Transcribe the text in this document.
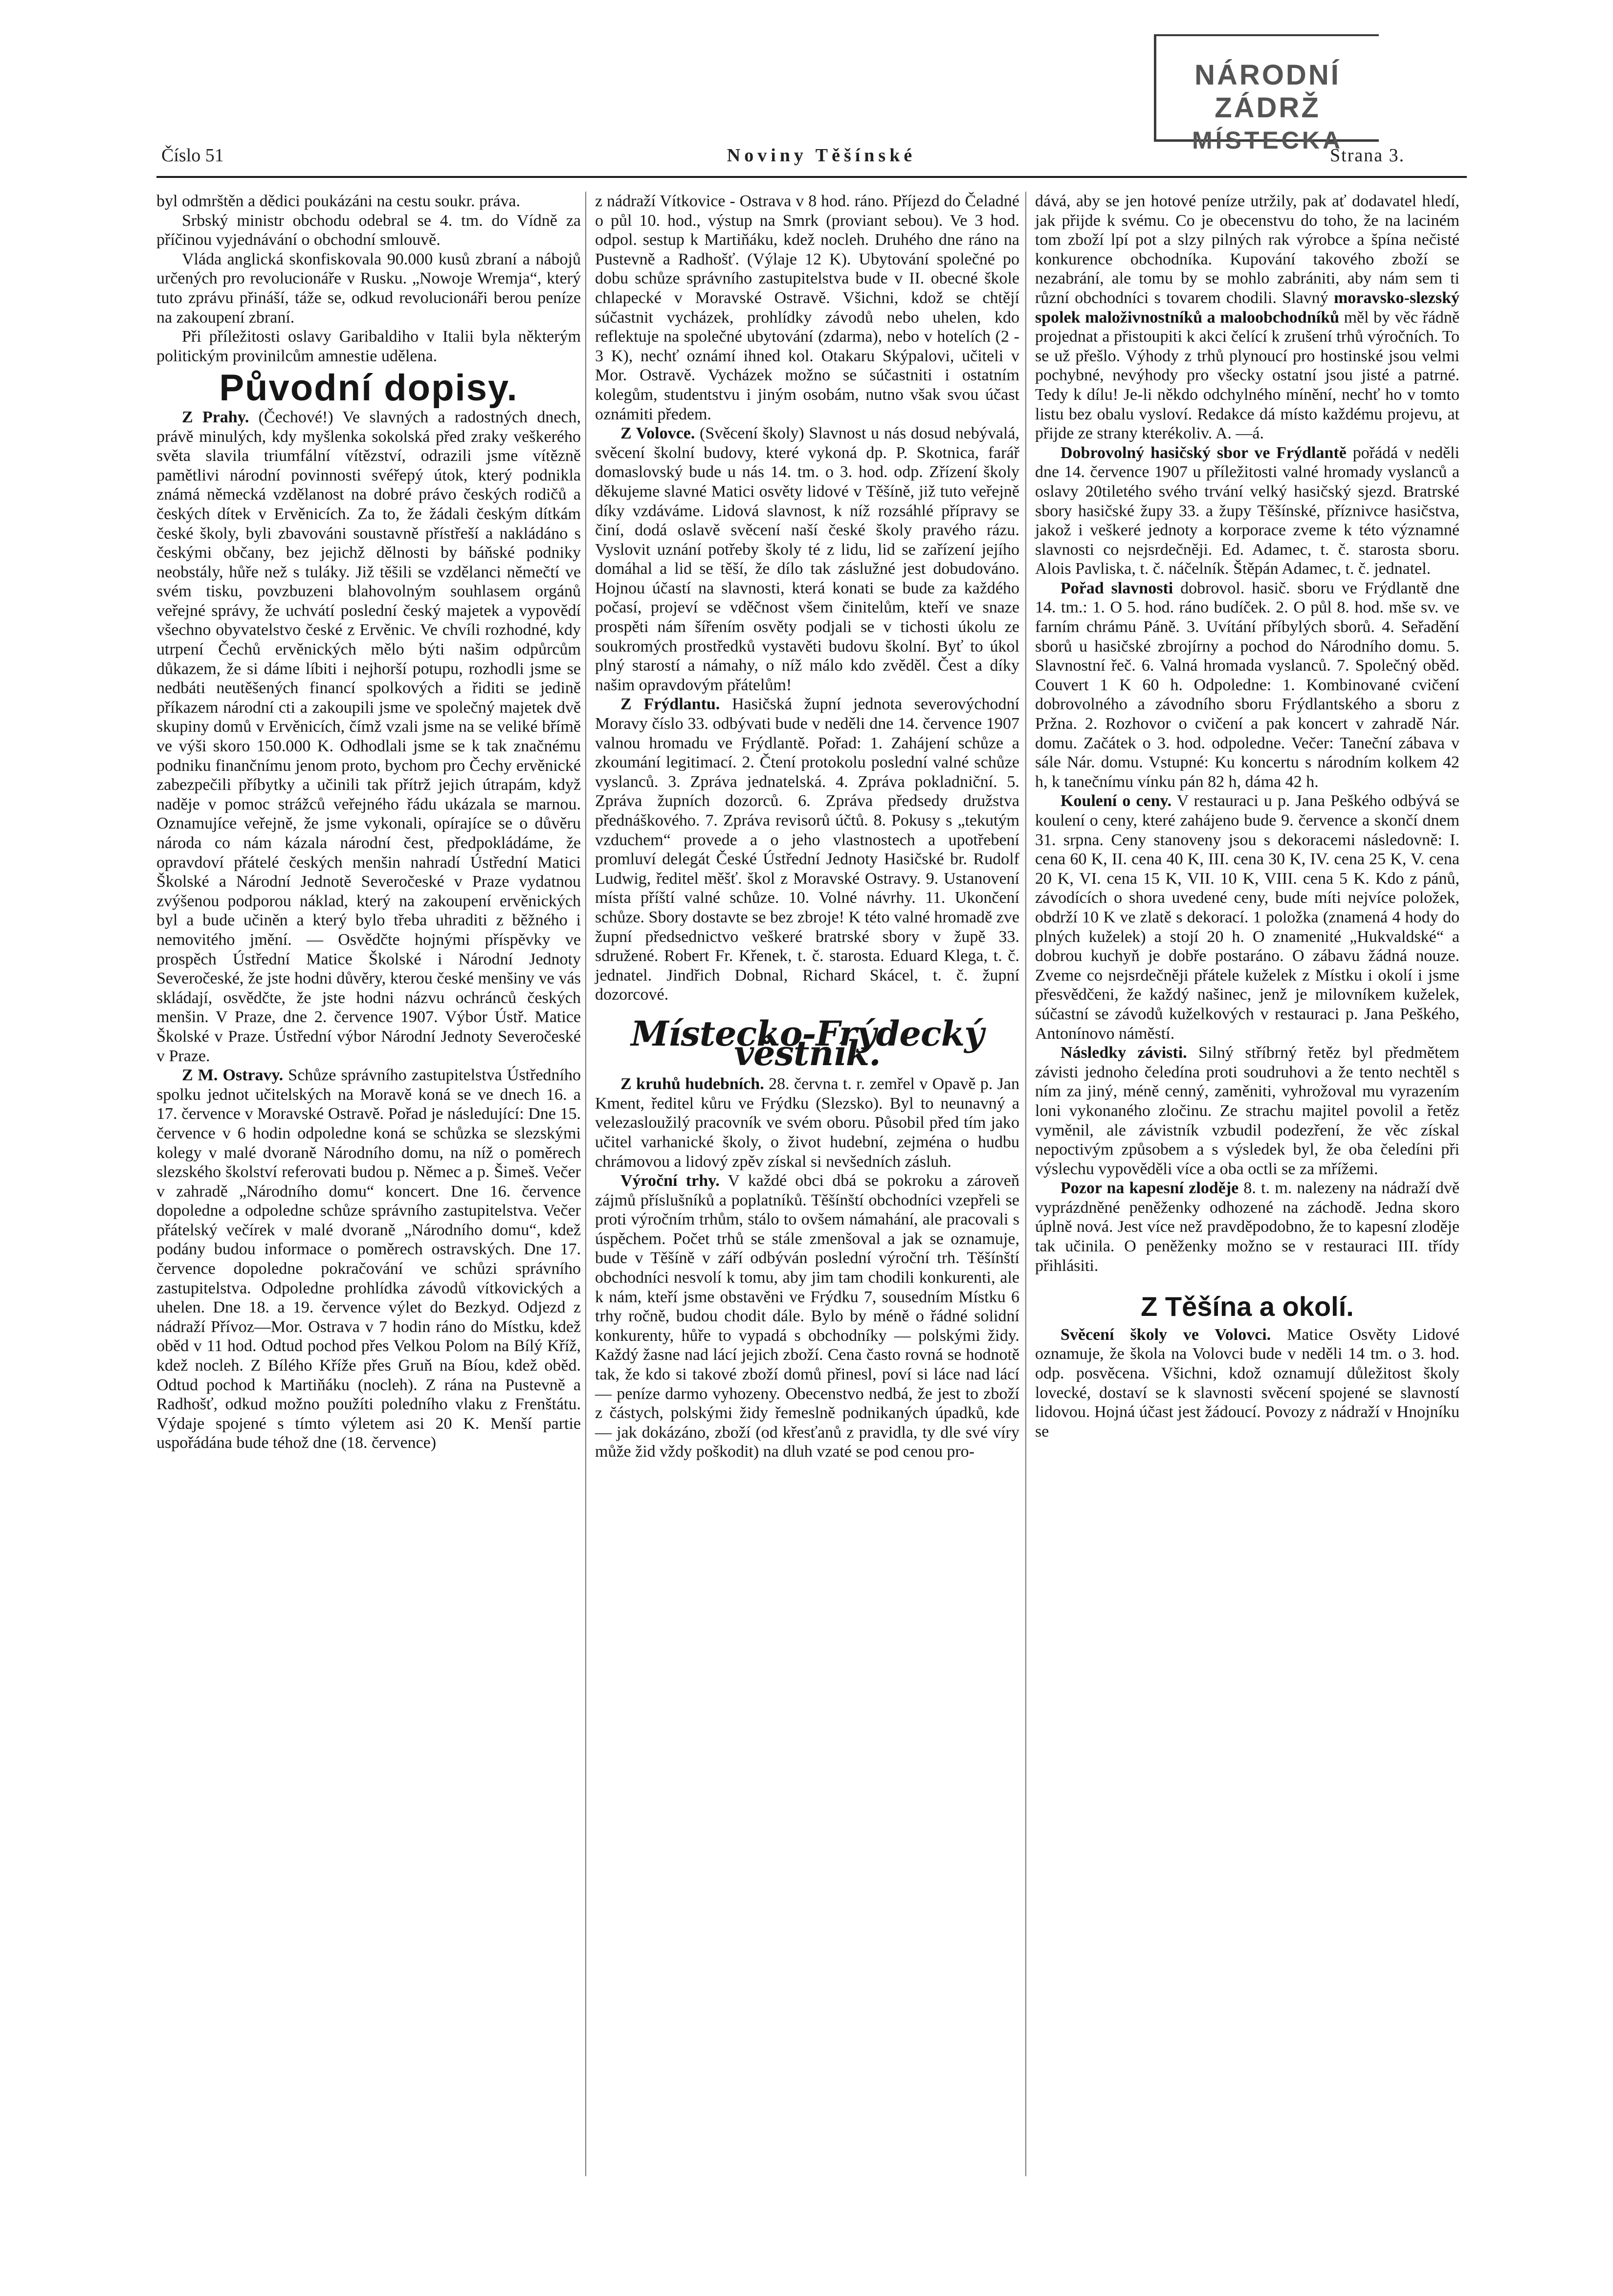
NÁRODNÍ ZÁDRŽ
MÍSTECKA
Číslo 51	Noviny Těšínské	Strana 3.

byl odmrštěn a dědici poukázáni na cestu soukr. práva.

Srbský ministr obchodu odebral se 4. tm. do Vídně za příčinou vyjednávání o obchodní smlouvě.

Vláda anglická skonfiskovala 90.000 kusů zbraní a nábojů určených pro revolucionáře v Rusku. „Nowoje Wremja“, který tuto zprávu přináší, táže se, odkud revolucionáři berou peníze na zakoupení zbraní.

Při příležitosti oslavy Garibaldiho v Italii byla některým politickým provinilcům amnestie udělena.

Původní dopisy.

Z Prahy. (Čechové!) Ve slavných a radostných dnech, právě minulých, kdy myšlenka sokolská před zraky veškerého světa slavila triumfální vítězství, odrazili jsme vítězně pamětlivi národní povinnosti svéřepý útok, který podnikla známá německá vzdělanost na dobré právo českých rodičů a českých dítek v Ervěnicích. Za to, že žádali českým dítkám české školy, byli zbavováni soustavně přístřeší a nakládáno s českými občany, bez jejichž dělnosti by báňské podniky neobstály, hůře než s tuláky. Již těšili se vzdělanci němečtí ve svém tisku, povzbuzeni blahovolným souhlasem orgánů veřejné správy, že uchvátí poslední český majetek a vypovědí všechno obyvatelstvo české z Ervěnic. Ve chvíli rozhodné, kdy utrpení Čechů ervěnických mělo býti našim odpůrcům důkazem, že si dáme líbiti i nejhorší potupu, rozhodli jsme se nedbáti neutěšených financí spolkových a řiditi se jedině příkazem národní cti a zakoupili jsme ve společný majetek dvě skupiny domů v Ervěnicích, čímž vzali jsme na se veliké břímě ve výši skoro 150.000 K. Odhodlali jsme se k tak značnému podniku finančnímu jenom proto, bychom pro Čechy ervěnické zabezpečili příbytky a učinili tak přítrž jejich útrapám, když naděje v pomoc strážců veřejného řádu ukázala se marnou. Oznamujíce veřejně, že jsme vykonali, opírajíce se o důvěru národa co nám kázala národní čest, předpokládáme, že opravdoví přátelé českých menšin nahradí Ústřední Matici Školské a Národní Jednotě Severočeské v Praze vydatnou zvýšenou podporou náklad, který na zakoupení ervěnických byl a bude učiněn a který bylo třeba uhraditi z běžného i nemovitého jmění. — Osvědčte hojnými příspěvky ve prospěch Ústřední Matice Školské i Národní Jednoty Severočeské, že jste hodni důvěry, kterou české menšiny ve vás skládají, osvědčte, že jste hodni názvu ochránců českých menšin. V Praze, dne 2. července 1907. Výbor Ústř. Matice Školské v Praze. Ústřední výbor Národní Jednoty Severočeské v Praze.

Z M. Ostravy. Schůze správního zastupitelstva Ústředního spolku jednot učitelských na Moravě koná se ve dnech 16. a 17. července v Moravské Ostravě. Pořad je následující: Dne 15. července v 6 hodin odpoledne koná se schůzka se slezskými kolegy v malé dvoraně Národního domu, na níž o poměrech slezského školství referovati budou p. Němec a p. Šimeš. Večer v zahradě „Národního domu“ koncert. Dne 16. července dopoledne a odpoledne schůze správního zastupitelstva. Večer přátelský večírek v malé dvoraně „Národního domu“, kdež podány budou informace o poměrech ostravských. Dne 17. července dopoledne pokračování ve schůzi správního zastupitelstva. Odpoledne prohlídka závodů vítkovických a uhelen. Dne 18. a 19. července výlet do Bezkyd. Odjezd z nádraží Přívoz—Mor. Ostrava v 7 hodin ráno do Místku, kdež oběd v 11 hod. Odtud pochod přes Velkou Polom na Bílý Kříž, kdež nocleh. Z Bílého Kříže přes Gruň na Bíou, kdež oběd. Odtud pochod k Martiňáku (nocleh). Z rána na Pustevně a Radhošť, odkud možno použíti poledního vlaku z Frenštátu. Výdaje spojené s tímto výletem asi 20 K. Menší partie uspořádána bude téhož dne (18. července)

z nádraží Vítkovice - Ostrava v 8 hod. ráno. Příjezd do Čeladné o půl 10. hod., výstup na Smrk (proviant sebou). Ve 3 hod. odpol. sestup k Martiňáku, kdež nocleh. Druhého dne ráno na Pustevně a Radhošť. (Výlaje 12 K). Ubytování společné po dobu schůze správního zastupitelstva bude v II. obecné škole chlapecké v Moravské Ostravě. Všichni, kdož se chtějí súčastnit vycházek, prohlídky závodů nebo uhelen, kdo reflektuje na společné ubytování (zdarma), nebo v hotelích (2 - 3 K), nechť oznámí ihned kol. Otakaru Skýpalovi, učiteli v Mor. Ostravě. Vycházek možno se súčastniti i ostatním kolegům, studentstvu i jiným osobám, nutno však svou účast oznámiti předem.

Z Volovce. (Svěcení školy) Slavnost u nás dosud nebývalá, svěcení školní budovy, které vykoná dp. P. Skotnica, farář domaslovský bude u nás 14. tm. o 3. hod. odp. Zřízení školy děkujeme slavné Matici osvěty lidové v Těšíně, již tuto veřejně díky vzdáváme. Lidová slavnost, k níž rozsáhlé přípravy se činí, dodá oslavě svěcení naší české školy pravého rázu. Vyslovit uznání potřeby školy té z lidu, lid se zařízení jejího domáhal a lid se těší, že dílo tak záslužné jest dobudováno. Hojnou účastí na slavnosti, která konati se bude za každého počasí, projeví se vděčnost všem činitelům, kteří ve snaze prospěti nám šířením osvěty podjali se v tichosti úkolu ze soukromých prostředků vystavěti budovu školní. Byť to úkol plný starostí a námahy, o níž málo kdo zvěděl. Čest a díky našim opravdovým přátelům!

Z Frýdlantu. Hasičská župní jednota severovýchodní Moravy číslo 33. odbývati bude v neděli dne 14. července 1907 valnou hromadu ve Frýdlantě. Pořad: 1. Zahájení schůze a zkoumání legitimací. 2. Čtení protokolu poslední valné schůze vyslanců. 3. Zpráva jednatelská. 4. Zpráva pokladniční. 5. Zpráva župních dozorců. 6. Zpráva předsedy družstva přednáškového. 7. Zpráva revisorů účtů. 8. Pokusy s „tekutým vzduchem“ provede a o jeho vlastnostech a upotřebení promluví delegát České Ústřední Jednoty Hasičské br. Rudolf Ludwig, ředitel měšť. škol z Moravské Ostravy. 9. Ustanovení místa příští valné schůze. 10. Volné návrhy. 11. Ukončení schůze. Sbory dostavte se bez zbroje! K této valné hromadě zve župní předsednictvo veškeré bratrské sbory v župě 33. sdružené. Robert Fr. Křenek, t. č. starosta. Eduard Klega, t. č. jednatel. Jindřich Dobnal, Richard Skácel, t. č. župní dozorcové.

Místecko-Frýdecký věstník.

Z kruhů hudebních. 28. června t. r. zemřel v Opavě p. Jan Kment, ředitel kůru ve Frýdku (Slezsko). Byl to neunavný a velezasloužilý pracovník ve svém oboru. Působil před tím jako učitel varhanické školy, o život hudební, zejména o hudbu chrámovou a lidový zpěv získal si nevšedních zásluh.

Výroční trhy. V každé obci dbá se pokroku a zároveň zájmů příslušníků a poplatníků. Těšínští obchodníci vzepřeli se proti výročním trhům, stálo to ovšem námahání, ale pracovali s úspěchem. Počet trhů se stále zmenšoval a jak se oznamuje, bude v Těšíně v září odbýván poslední výroční trh. Těšínští obchodníci nesvolí k tomu, aby jim tam chodili konkurenti, ale k nám, kteří jsme obstavěni ve Frýdku 7, sousedním Místku 6 trhy ročně, budou chodit dále. Bylo by méně o řádné solidní konkurenty, hůře to vypadá s obchodníky — polskými židy. Každý žasne nad lácí jejich zboží. Cena často rovná se hodnotě tak, že kdo si takové zboží domů přinesl, poví si láce nad lácí — peníze darmo vyhozeny. Obecenstvo nedbá, že jest to zboží z částych, polskými židy řemeslně podnikaných úpadků, kde — jak dokázáno, zboží (od křesťanů z pravidla, ty dle své víry může žid vždy poškodit) na dluh vzaté se pod cenou pro-

dává, aby se jen hotové peníze utržily, pak ať dodavatel hledí, jak přijde k svému. Co je obecenstvu do toho, že na laciném tom zboží lpí pot a slzy pilných rak výrobce a špína nečisté konkurence obchodníka. Kupování takového zboží se nezabrání, ale tomu by se mohlo zabrániti, aby nám sem ti různí obchodníci s tovarem chodili. Slavný moravsko-slezský spolek maloživnostníků a maloobchodníků měl by věc řádně projednat a přistoupiti k akci čelící k zrušení trhů výročních. To se už přešlo. Výhody z trhů plynoucí pro hostinské jsou velmi pochybné, nevýhody pro všecky ostatní jsou jisté a patrné. Tedy k dílu! Je-li někdo odchylného mínění, nechť ho v tomto listu bez obalu vysloví. Redakce dá místo každému projevu, at přijde ze strany kterékoliv. A. —á.

Dobrovolný hasičský sbor ve Frýdlantě pořádá v neděli dne 14. července 1907 u příležitosti valné hromady vyslanců a oslavy 20tiletého svého trvání velký hasičský sjezd. Bratrské sbory hasičské župy 33. a župy Těšínské, příznivce hasičstva, jakož i veškeré jednoty a korporace zveme k této významné slavnosti co nejsrdečněji. Ed. Adamec, t. č. starosta sboru. Alois Pavliska, t. č. náčelník. Štěpán Adamec, t. č. jednatel.

Pořad slavnosti dobrovol. hasič. sboru ve Frýdlantě dne 14. tm.: 1. O 5. hod. ráno budíček. 2. O půl 8. hod. mše sv. ve farním chrámu Páně. 3. Uvítání příbylých sborů. 4. Seřadění sborů u hasičské zbrojírny a pochod do Národního domu. 5. Slavnostní řeč. 6. Valná hromada vyslanců. 7. Společný oběd. Couvert 1 K 60 h. Odpoledne: 1. Kombinované cvičení dobrovolného a závodního sboru Frýdlantského a sboru z Pržna. 2. Rozhovor o cvičení a pak koncert v zahradě Nár. domu. Začátek o 3. hod. odpoledne. Večer: Taneční zábava v sále Nár. domu. Vstupné: Ku koncertu s národním kolkem 42 h, k tanečnímu vínku pán 82 h, dáma 42 h.

Koulení o ceny. V restauraci u p. Jana Peškého odbývá se koulení o ceny, které zahájeno bude 9. července a skončí dnem 31. srpna. Ceny stanoveny jsou s dekoracemi následovně: I. cena 60 K, II. cena 40 K, III. cena 30 K, IV. cena 25 K, V. cena 20 K, VI. cena 15 K, VII. 10 K, VIII. cena 5 K. Kdo z pánů, závodících o shora uvedené ceny, bude míti nejvíce položek, obdrží 10 K ve zlatě s dekorací. 1 položka (znamená 4 hody do plných kuželek) a stojí 20 h. O znamenité „Hukvaldské“ a dobrou kuchyň je dobře postaráno. O zábavu žádná nouze. Zveme co nejsrdečněji přátele kuželek z Místku i okolí i jsme přesvědčeni, že každý našinec, jenž je milovníkem kuželek, súčastní se závodů kuželkových v restauraci p. Jana Peškého, Antonínovo náměstí.

Následky závisti. Silný stříbrný řetěz byl předmětem závisti jednoho čeledína proti soudruhovi a že tento nechtěl s ním za jiný, méně cenný, zaměniti, vyhrožoval mu vyrazením loni vykonaného zločinu. Ze strachu majitel povolil a řetěz vyměnil, ale závistník vzbudil podezření, že věc získal nepoctivým způsobem a s výsledek byl, že oba čeledíni při výslechu vypověděli více a oba octli se za mřížemi.

Pozor na kapesní zloděje 8. t. m. nalezeny na nádraží dvě vyprázdněné peněženky odhozené na záchodě. Jedna skoro úplně nová. Jest více než pravděpodobno, že to kapesní zloděje tak učinila. O peněženky možno se v restauraci III. třídy přihlásiti.

Z Těšína a okolí.

Svěcení školy ve Volovci. Matice Osvěty Lidové oznamuje, že škola na Volovci bude v neděli 14 tm. o 3. hod. odp. posvěcena. Všichni, kdož oznamují důležitost školy lovecké, dostaví se k slavnosti svěcení spojené se slavností lidovou. Hojná účast jest žádoucí. Povozy z nádraží v Hnojníku se
